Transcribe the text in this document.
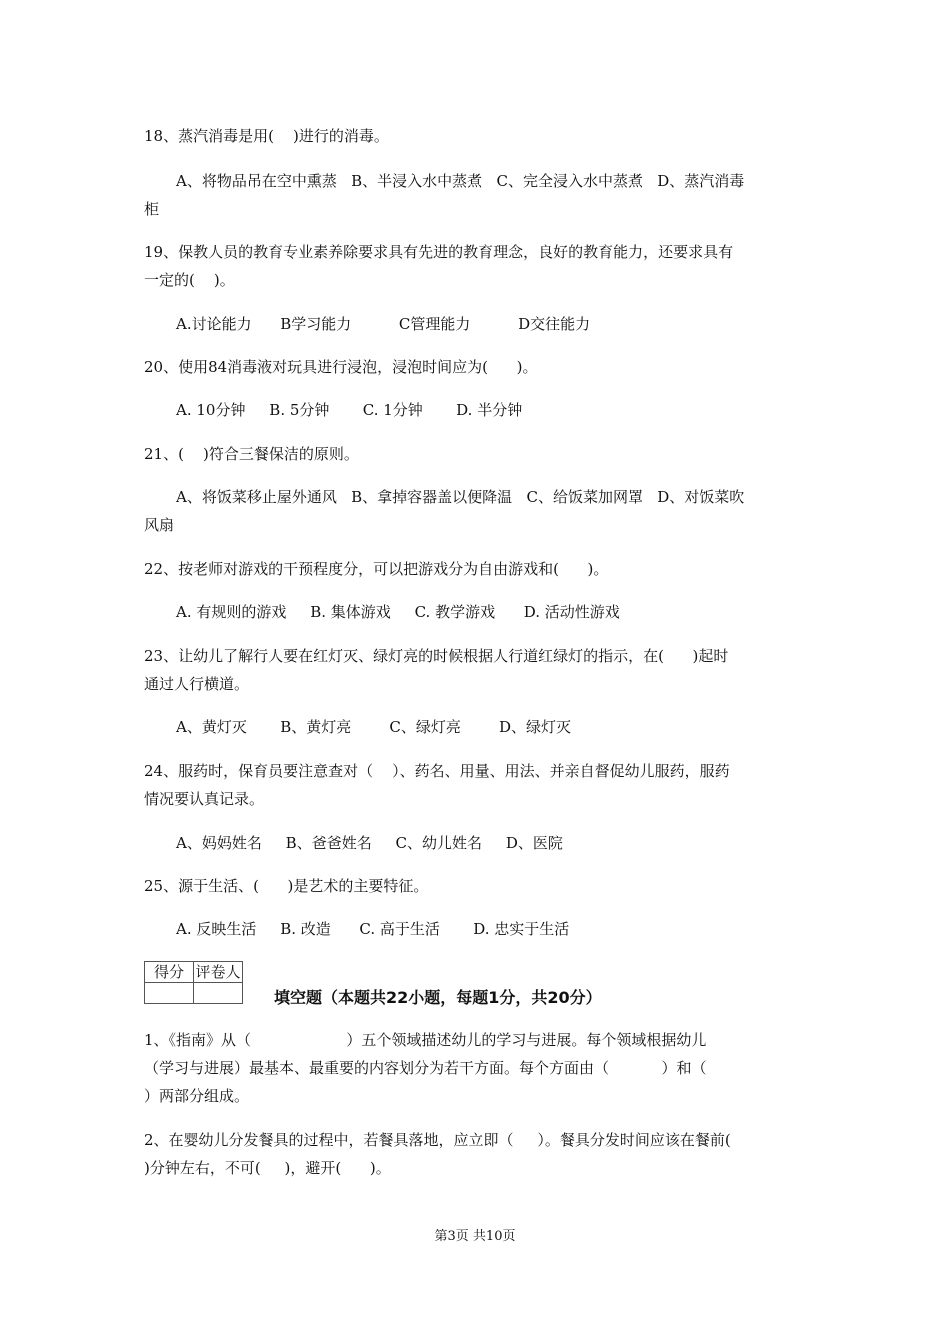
18、蒸汽消毒是用(    )进行的消毒。
A、将物品吊在空中熏蒸   B、半浸入水中蒸煮   C、完全浸入水中蒸煮   D、蒸汽消毒
柜
19、保教人员的教育专业素养除要求具有先进的教育理念，良好的教育能力，还要求具有
一定的(    )。
A.讨论能力      B学习能力          C管理能力          D交往能力
20、使用84消毒液对玩具进行浸泡，浸泡时间应为(      )。
A. 10分钟     B. 5分钟       C. 1分钟       D. 半分钟
21、(    )符合三餐保洁的原则。
A、将饭菜移止屋外通风   B、拿掉容器盖以便降温   C、给饭菜加网罩   D、对饭菜吹
风扇
22、按老师对游戏的干预程度分，可以把游戏分为自由游戏和(      )。
A. 有规则的游戏     B. 集体游戏     C. 教学游戏      D. 活动性游戏
23、让幼儿了解行人要在红灯灭、绿灯亮的时候根据人行道红绿灯的指示，在(      )起时
通过人行横道。
A、黄灯灭       B、黄灯亮        C、绿灯亮        D、绿灯灭
24、服药时，保育员要注意查对（    ）、药名、用量、用法、并亲自督促幼儿服药，服药
情况要认真记录。
A、妈妈姓名     B、爸爸姓名     C、幼儿姓名     D、医院
25、源于生活、(      )是艺术的主要特征。
A. 反映生活     B. 改造      C. 高于生活       D. 忠实于生活
得分	评卷人

填空题（本题共22小题，每题1分，共20分）
1、《指南》从（                    ）五个领域描述幼儿的学习与进展。每个领域根据幼儿
（学习与进展）最基本、最重要的内容划分为若干方面。每个方面由（           ）和（
）两部分组成。
2、在婴幼儿分发餐具的过程中，若餐具落地，应立即（     ）。餐具分发时间应该在餐前(
)分钟左右，不可(     )，避开(      )。
第3页 共10页
